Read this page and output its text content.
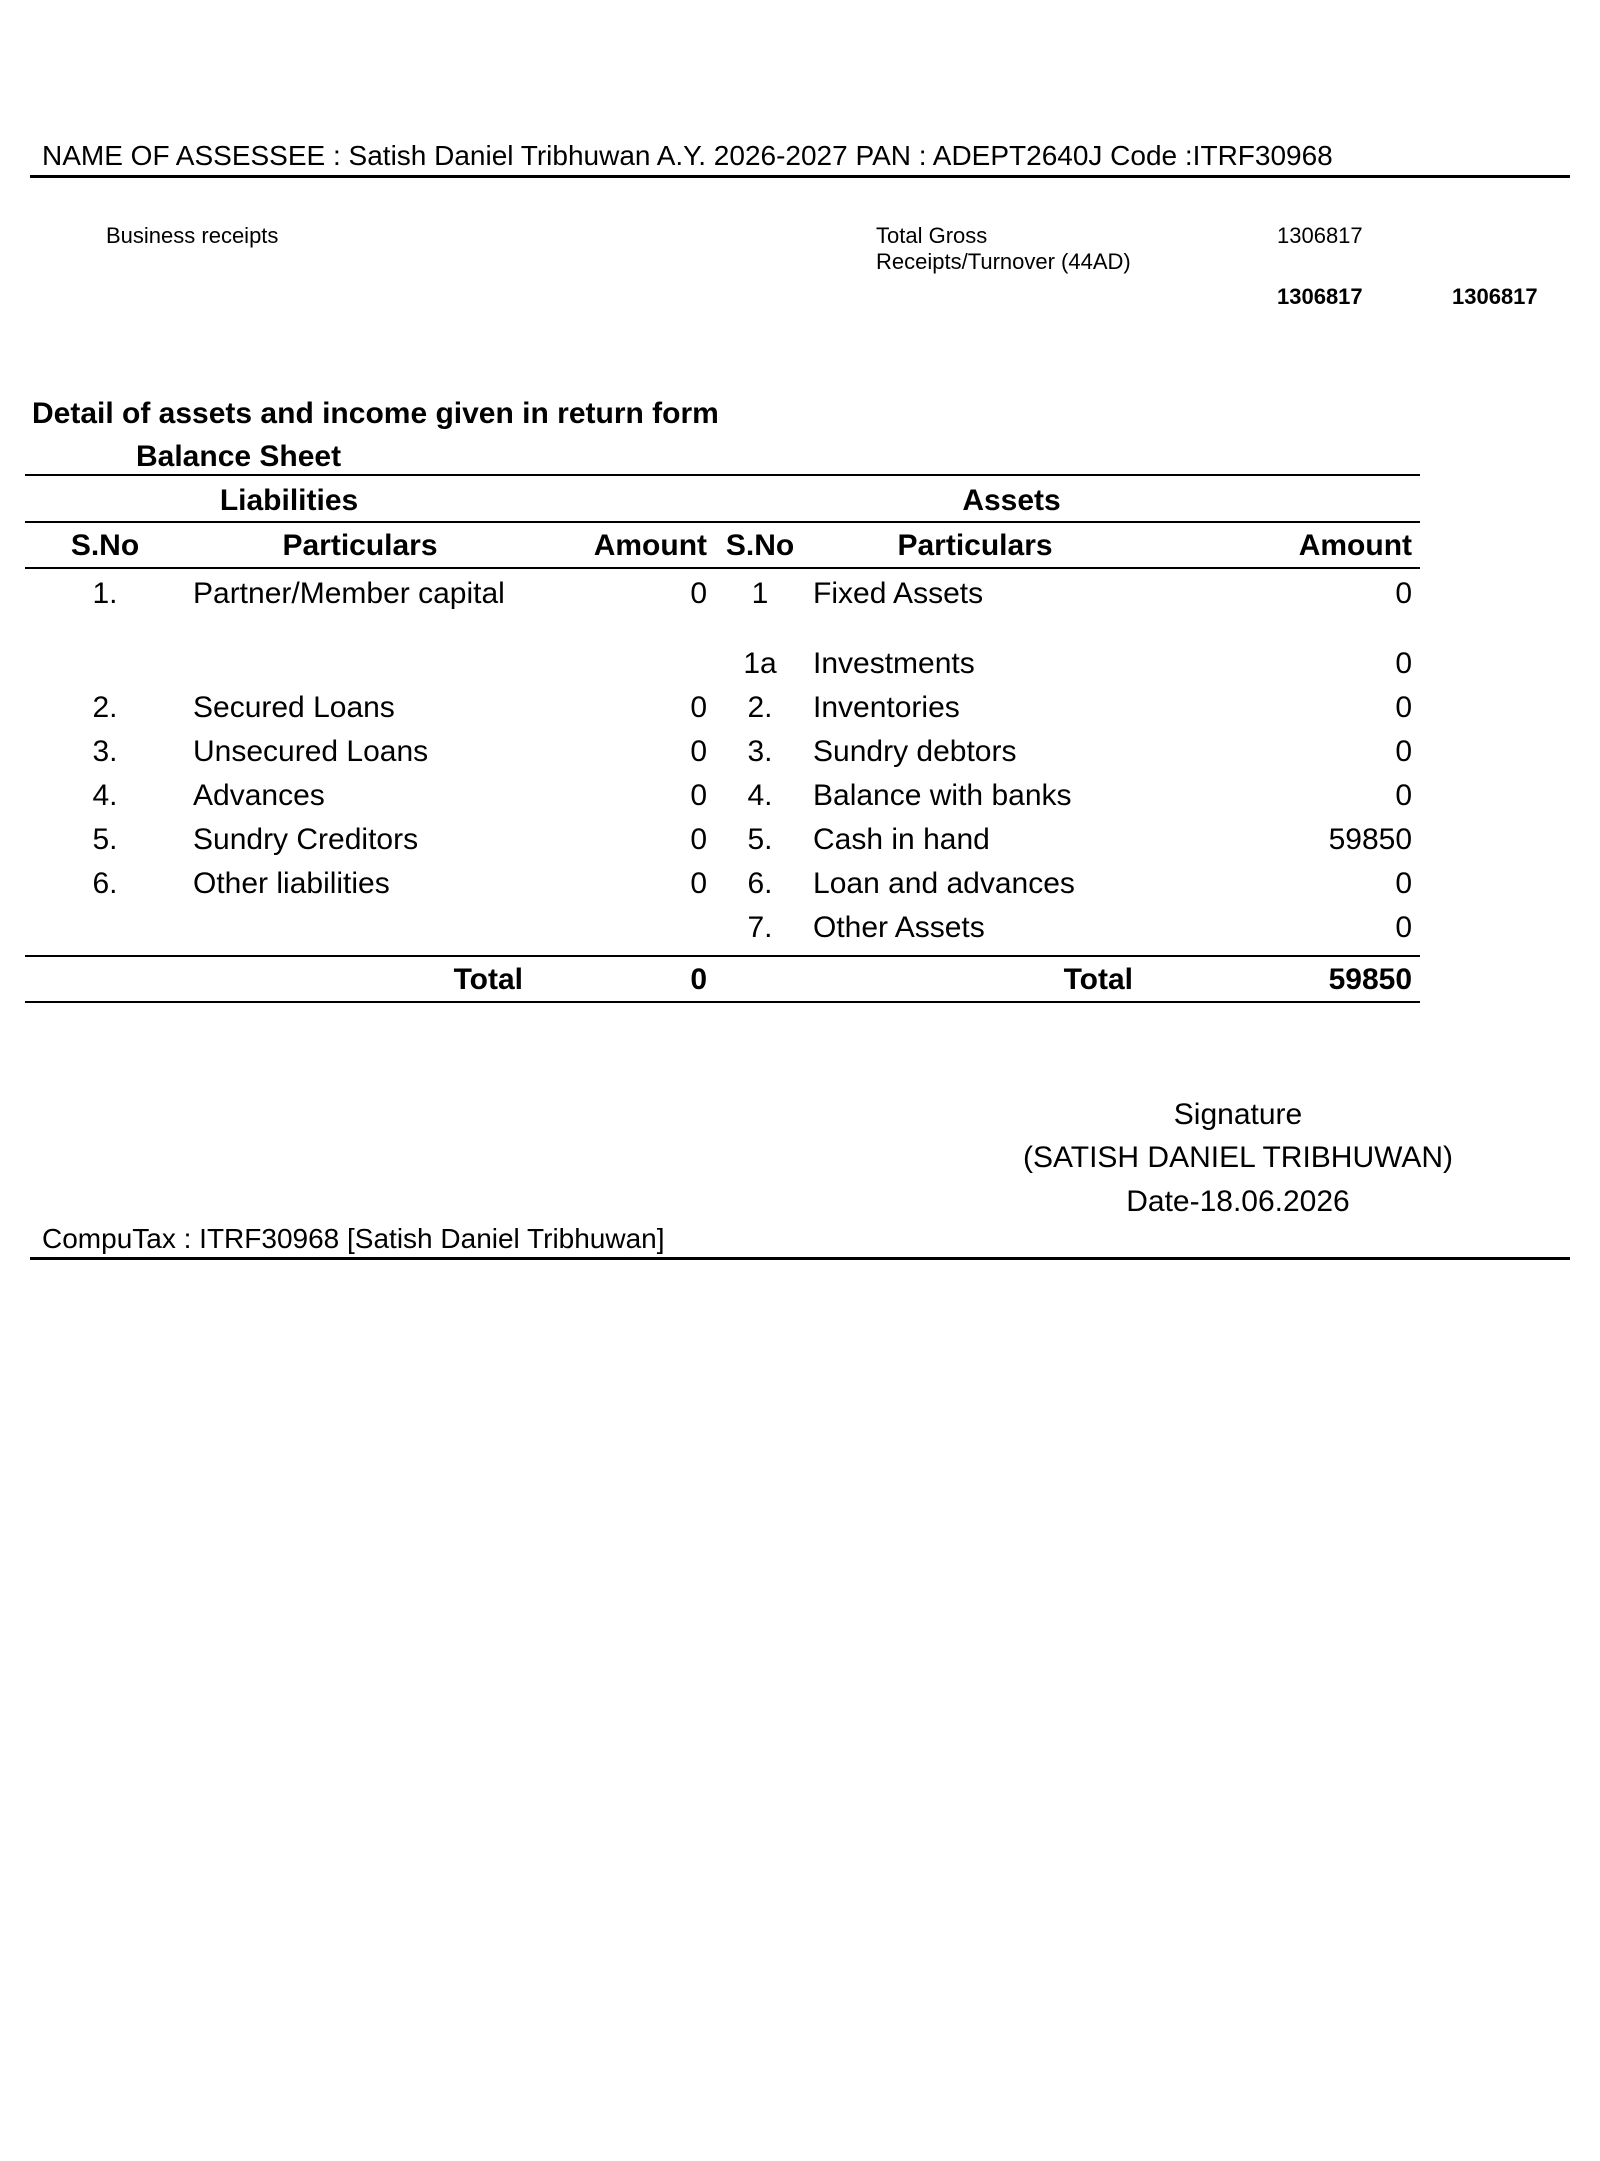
NAME OF ASSESSEE : Satish Daniel Tribhuwan A.Y. 2026-2027 PAN : ADEPT2640J Code :ITRF30968
Business receipts	Total Gross
Receipts/Turnover (44AD)
1306817
1306817	1306817
Detail of assets and income given in return form
Balance Sheet
Liabilities			Assets		
S.No	Particulars	Amount	S.No	Particulars	Amount
1.	Partner/Member capital	0	1	Fixed Assets	0
			1a	Investments	0
2.	Secured Loans	0	2.	Inventories	0
3.	Unsecured Loans	0	3.	Sundry debtors	0
4.	Advances	0	4.	Balance with banks	0
5.	Sundry Creditors	0	5.	Cash in hand	59850
6.	Other liabilities	0	6.	Loan and advances	0
			7.	Other Assets	0
	Total	0		Total	59850
Signature
(SATISH DANIEL TRIBHUWAN)
Date-18.06.2026
CompuTax : ITRF30968 [Satish Daniel Tribhuwan]
